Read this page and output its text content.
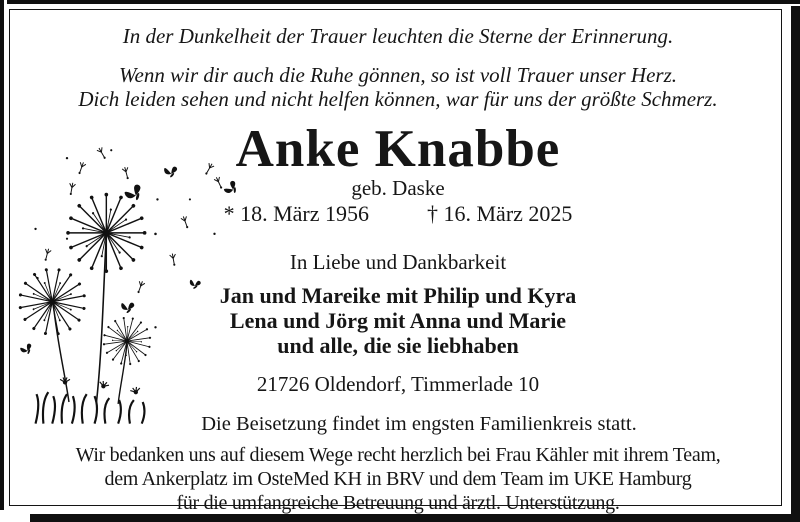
In der Dunkelheit der Trauer leuchten die Sterne der Erinnerung.
Wenn wir dir auch die Ruhe gönnen, so ist voll Trauer unser Herz.
Dich leiden sehen und nicht helfen können, war für uns der größte Schmerz.
Anke Knabbe
geb. Daske
* 18. März 1956	† 16. März 2025
In Liebe und Dankbarkeit
Jan und Mareike mit Philip und Kyra
Lena und Jörg mit Anna und Marie
und alle, die sie liebhaben
21726 Oldendorf, Timmerlade 10
Die Beisetzung findet im engsten Familienkreis statt.
Wir bedanken uns auf diesem Wege recht herzlich bei Frau Kähler mit ihrem Team,
dem Ankerplatz im OsteMed KH in BRV und dem Team im UKE Hamburg
für die umfangreiche Betreuung und ärztl. Unterstützung.
